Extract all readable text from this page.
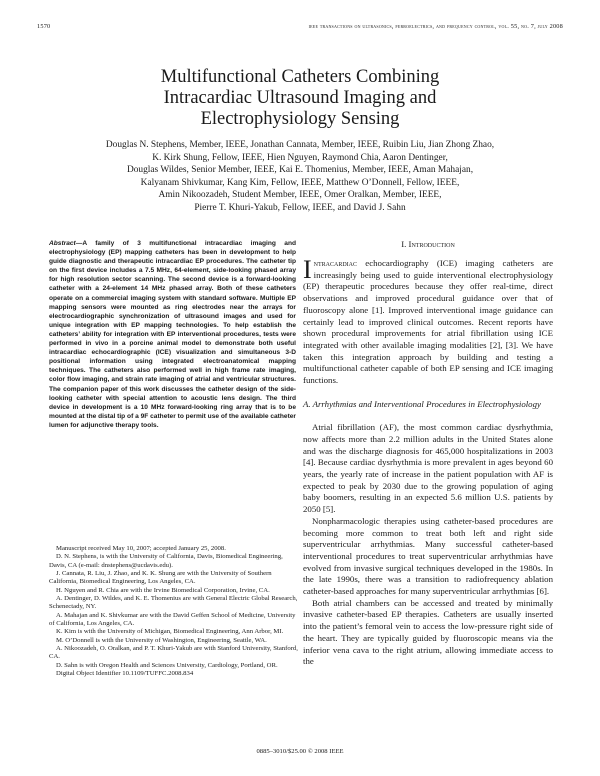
1570	ieee transactions on ultrasonics, ferroelectrics, and frequency control, vol. 55, no. 7, july 2008
Multifunctional Catheters Combining
Intracardiac Ultrasound Imaging and
Electrophysiology Sensing
Douglas N. Stephens, Member, IEEE, Jonathan Cannata, Member, IEEE, Ruibin Liu, Jian Zhong Zhao,
K. Kirk Shung, Fellow, IEEE, Hien Nguyen, Raymond Chia, Aaron Dentinger,
Douglas Wildes, Senior Member, IEEE, Kai E. Thomenius, Member, IEEE, Aman Mahajan,
Kalyanam Shivkumar, Kang Kim, Fellow, IEEE, Matthew O’Donnell, Fellow, IEEE,
Amin Nikoozadeh, Student Member, IEEE, Omer Oralkan, Member, IEEE,
Pierre T. Khuri-Yakub, Fellow, IEEE, and David J. Sahn
Abstract—A family of 3 multifunctional intracardiac imaging and electrophysiology (EP) mapping catheters has been in development to help guide diagnostic and therapeutic intracardiac EP procedures. The catheter tip on the first device includes a 7.5 MHz, 64-element, side-looking phased array for high resolution sector scanning. The second device is a forward-looking catheter with a 24-element 14 MHz phased array. Both of these catheters operate on a commercial imaging system with standard software. Multiple EP mapping sensors were mounted as ring electrodes near the arrays for electrocardiographic synchronization of ultrasound images and used for unique integration with EP mapping technologies. To help establish the catheters’ ability for integration with EP interventional procedures, tests were performed in vivo in a porcine animal model to demonstrate both useful intracardiac echocardiographic (ICE) visualization and simultaneous 3-D positional information using integrated electroanatomical mapping techniques. The catheters also performed well in high frame rate imaging, color flow imaging, and strain rate imaging of atrial and ventricular structures. The companion paper of this work discusses the catheter design of the side-looking catheter with special attention to acoustic lens design. The third device in development is a 10 MHz forward-looking ring array that is to be mounted at the distal tip of a 9F catheter to permit use of the available catheter lumen for adjunctive therapy tools.

Manuscript received May 10, 2007; accepted January 25, 2008.

D. N. Stephens, is with the University of California, Davis, Biomedical Engineering, Davis, CA (e-mail: dnstephens@ucdavis.edu).

J. Cannata, R. Liu, J. Zhao, and K. K. Shung are with the University of Southern California, Biomedical Engineering, Los Angeles, CA.

H. Nguyen and R. Chia are with the Irvine Biomedical Corporation, Irvine, CA.

A. Dentinger, D. Wildes, and K. E. Thomenius are with General Electric Global Research, Schenectady, NY.

A. Mahajan and K. Shivkumar are with the David Geffen School of Medicine, University of California, Los Angeles, CA.

K. Kim is with the University of Michigan, Biomedical Engineering, Ann Arbor, MI.

M. O’Donnell is with the University of Washington, Engineering, Seattle, WA.

A. Nikoozadeh, O. Oralkan, and P. T. Khuri-Yakub are with Stanford University, Stanford, CA.

D. Sahn is with Oregon Health and Sciences University, Cardiology, Portland, OR.

Digital Object Identifier 10.1109/TUFFC.2008.834

I. Introduction

Intracardiac echocardiography (ICE) imaging catheters are increasingly being used to guide interventional electrophysiology (EP) therapeutic procedures because they offer real-time, direct observations and improved procedural guidance over that of fluoroscopy alone [1]. Improved interventional image guidance can certainly lead to improved clinical outcomes. Recent reports have shown procedural improvements for atrial fibrillation using ICE integrated with other available imaging modalities [2], [3]. We have taken this integration approach by building and testing a multifunctional catheter capable of both EP sensing and ICE imaging functions.

A. Arrhythmias and Interventional Procedures in Electrophysiology

Atrial fibrillation (AF), the most common cardiac dysrhythmia, now affects more than 2.2 million adults in the United States alone and was the discharge diagnosis for 465,000 hospitalizations in 2003 [4]. Because cardiac dysrhythmia is more prevalent in ages beyond 60 years, the yearly rate of increase in the patient population with AF is expected to peak by 2030 due to the growing population of aging baby boomers, resulting in an expected 5.6 million U.S. patients by 2050 [5].

Nonpharmacologic therapies using catheter-based procedures are becoming more common to treat both left and right side superventricular arrhythmias. Many successful catheter-based interventional procedures to treat superventricular arrhythmias have evolved from invasive surgical techniques developed in the 1980s. In the late 1990s, there was a transition to radiofrequency ablation catheter-based approaches for many superventricular arrhythmias [6].

Both atrial chambers can be accessed and treated by minimally invasive catheter-based EP therapies. Catheters are usually inserted into the patient’s femoral vein to access the low-pressure right side of the heart. They are typically guided by fluoroscopic means via the inferior vena cava to the right atrium, allowing immediate access to the

0885–3010/$25.00 © 2008 IEEE
